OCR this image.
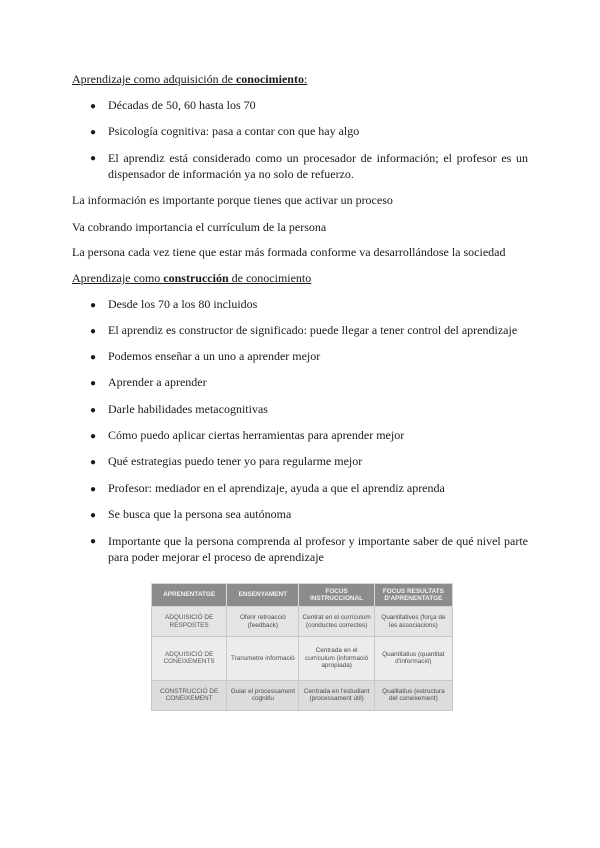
Aprendizaje como adquisición de conocimiento:
● Décadas de 50, 60 hasta los 70
● Psicología cognitiva: pasa a contar con que hay algo
● El aprendiz está considerado como un procesador de información; el profesor es un dispensador de información ya no solo de refuerzo.
La información es importante porque tienes que activar un proceso
Va cobrando importancia el currículum de la persona
La persona cada vez tiene que estar más formada conforme va desarrollándose la sociedad
Aprendizaje como construcción de conocimiento
● Desde los 70 a los 80 incluidos
● El aprendiz es constructor de significado: puede llegar a tener control del aprendizaje
● Podemos enseñar a un uno a aprender mejor
● Aprender a aprender
● Darle habilidades metacognitivas
● Cómo puedo aplicar ciertas herramientas para aprender mejor
● Qué estrategias puedo tener yo para regularme mejor
● Profesor: mediador en el aprendizaje, ayuda a que el aprendiz aprenda
● Se busca que la persona sea autónoma
● Importante que la persona comprenda al profesor y importante saber de qué nivel parte para poder mejorar el proceso de aprendizaje
APRENENTATGE	ENSENYAMENT	FOCUS INSTRUCCIONAL	FOCUS RESULTATS D'APRENENTATGE
ADQUISICIÓ DE RESPOSTES	Oferir retroacció (feedback)	Centrat en el currículum (conductes correctes)	Quantitatives (força de les associacions)
ADQUISICIÓ DE CONEIXEMENTS	Transmetre informació	Centrada en el currículum (informació apropiada)	Quantitatius (quantitat d'informació)
CONSTRUCCIÓ DE CONEIXEMENT	Guiar el processament cognitiu	Centrada en l'estudiant (processament útil)	Qualitatius (estructura del coneixement)
